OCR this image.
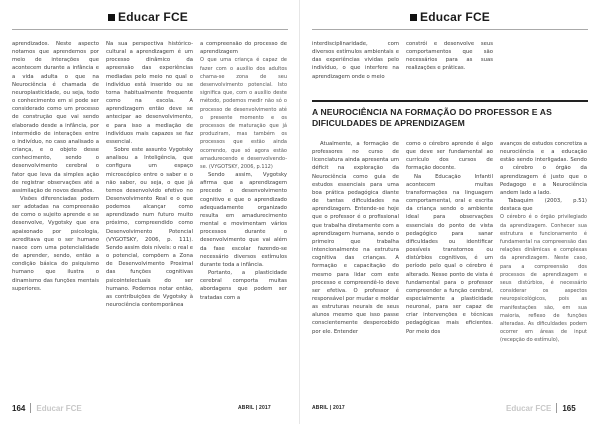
Educar FCE

aprendizados. Neste aspecto notamos que aprendemos por meio de interações que acontecem durante a infância e a vida adulta o que na Neurociência é chamada de neuroplasticidade, ou seja, todo o conhecimento em si pode ser considerado como um processo de construção que vai sendo elaborado desde a infância, por intermédio de interações entre o indivíduo, no caso analisado a criança, e o objeto desse conhecimento, sendo o desenvolvimento cerebral o fator que leva da simples ação de registrar observações até a assimilação de novos desafios.

Visões diferenciadas podem ser adotadas na compreensão de como o sujeito aprende e se desenvolve, Vygotsky que era apaixonado por psicologia, acreditava que o ser humano nasce com uma potencialidade de aprender, sendo, então a condição básica do psiquismo humano que ilustra o dinamismo das funções mentais superiores.

Na sua perspectiva histórico-cultural a aprendizagem é um processo dinâmico da apreensão das experiências mediadas pelo meio no qual o indivíduo está inserido ou se torna habitualmente frequente como na escola. A aprendizagem então deve se antecipar ao desenvolvimento, e para isso a mediação de indivíduos mais capazes se faz essencial.

Sobre este assunto Vygotsky analisou a Inteligência, que configura um espaço microscópico entre o saber e o não saber, ou seja, o que já temos desenvolvido efetivo no Desenvolvimento Real e o que podemos alcançar como aprendizado num futuro muito próximo, compreendido como Desenvolvimento Potencial (VYGOTSKY, 2006, p. 111). Sendo assim dois níveis: o real e o potencial, compõem a Zona de Desenvolvimento Proximal das funções cognitivas psicointelectuais do ser humano. Podemos notar então, as contribuições de Vygotsky à neurociência contemporânea

a compreensão do processo de aprendizagem

O que uma criança é capaz de fazer com o auxílio dos adultos chama-se zona de seu desenvolvimento potencial. Isto significa que, com o auxílio deste método, podemos medir não só o processo de desenvolvimento até o presente momento e os processos de maturação que já produziram, mas também os processos que estão ainda ocorrendo, que só agora estão amadurecendo e desenvolvendo-se. (VYGOTSKY, 2006, p.112)

Sendo assim, Vygotsky afirma que a aprendizagem precede o desenvolvimento cognitivo e que o aprendizado adequadamente organizado resulta em amadurecimento mental e movimentam vários processos durante o desenvolvimento que vai além da fase escolar fazendo-se necessário diversos estímulos durante toda a infância.

Portanto, a plasticidade cerebral comporta muitas abordagens que podem ser tratadas com a

164 Educar FCE	ABRIL | 2017
Educar FCE

interdisciplinaridade, com diversos estímulos ambientais e das experiências vividas pelo indivíduo, o que interfere na aprendizagem onde o meio

constrói e desenvolve seus comportamentos que são necessários para as suas realizações e práticas.

A NEUROCIÊNCIA NA FORMAÇÃO DO PROFESSOR E AS DIFICULDADES DE APRENDIZAGEM

Atualmente, a formação de professores no curso de licenciatura ainda apresenta um déficit na exploração da Neurociência como guia de estudos essenciais para uma boa prática pedagógica diante de tantas dificuldades na aprendizagem. Entende-se hoje que o professor é o profissional que trabalha diretamente com a aprendizagem humana, sendo o primeiro que trabalha intencionalmente na estrutura cognitiva das crianças. A formação e capacitação do mesmo para lidar com este processo e compreendê-lo deve ser efetiva. O professor é responsável por mudar e moldar as estruturas neurais de seus alunos mesmo que isso passe conscientemente despercebido por ele. Entender

como o cérebro aprende é algo que deve ser fundamental ao currículo dos cursos de formação docente.

Na Educação Infantil acontecem muitas transformações na linguagem comportamental, oral e escrita da criança sendo o ambiente ideal para observações essenciais do ponto de vista pedagógico para sanar dificuldades ou identificar possíveis transtornos ou distúrbios cognitivos, é um período pelo qual o cérebro é alterado. Nesse ponto de vista é fundamental para o professor compreender a função cerebral, especialmente a plasticidade neuronal, para ser capaz de criar intervenções e técnicas pedagógicas mais eficientes. Por meio dos

avanços de estudos concretiza a neurociência e a educação estão sendo interligadas. Sendo o cérebro o órgão da aprendizagem é justo que o Pedagogo e a Neurociência andem lado a lado.

Tabaquim (2003, p.51) destaca que

O cérebro é o órgão privilegiado da aprendizagem. Conhecer sua estrutura e funcionamento é fundamental na compreensão das relações dinâmicas e complexas da aprendizagem. Neste caso, para a compreensão dos processos de aprendizagem e seus distúrbios, é necessário considerar os aspectos neuropsicológicos, pois as manifestações são, em sua maioria, reflexo de funções alteradas. As dificuldades podem ocorrer em áreas de input (recepção do estímulo),

ABRIL | 2017	Educar FCE 165
